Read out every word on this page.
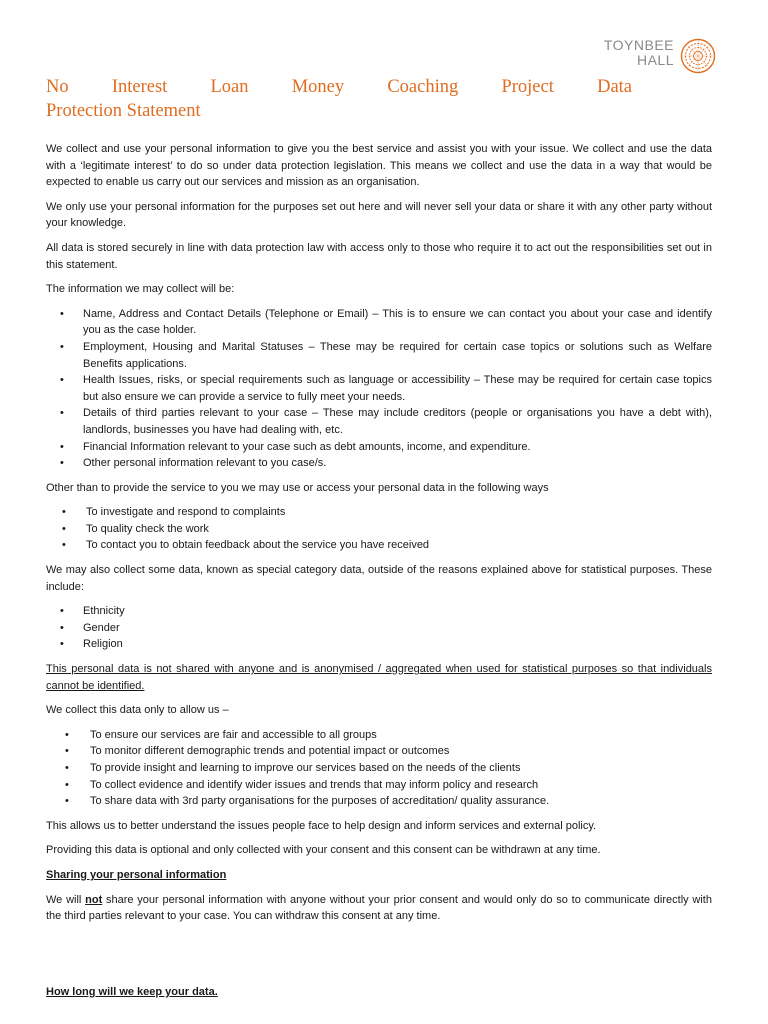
TOYNBEE
HALL
No Interest Loan Money Coaching Project Data
Protection Statement

We collect and use your personal information to give you the best service and assist you with your issue. We collect and use the data with a ‘legitimate interest’ to do so under data protection legislation. This means we collect and use the data in a way that would be expected to enable us carry out our services and mission as an organisation.

We only use your personal information for the purposes set out here and will never sell your data or share it with any other party without your knowledge.

All data is stored securely in line with data protection law with access only to those who require it to act out the responsibilities set out in this statement.

The information we may collect will be:

• Name, Address and Contact Details (Telephone or Email) – This is to ensure we can contact you about your case and identify you as the case holder.
• Employment, Housing and Marital Statuses – These may be required for certain case topics or solutions such as Welfare Benefits applications.
• Health Issues, risks, or special requirements such as language or accessibility – These may be required for certain case topics but also ensure we can provide a service to fully meet your needs.
• Details of third parties relevant to your case – These may include creditors (people or organisations you have a debt with), landlords, businesses you have had dealing with, etc.
• Financial Information relevant to your case such as debt amounts, income, and expenditure.
• Other personal information relevant to you case/s.

Other than to provide the service to you we may use or access your personal data in the following ways

• To investigate and respond to complaints
• To quality check the work
• To contact you to obtain feedback about the service you have received

We may also collect some data, known as special category data, outside of the reasons explained above for statistical purposes. These include:

• Ethnicity
• Gender
• Religion

This personal data is not shared with anyone and is anonymised / aggregated when used for statistical purposes so that individuals cannot be identified.

We collect this data only to allow us –

• To ensure our services are fair and accessible to all groups
• To monitor different demographic trends and potential impact or outcomes
• To provide insight and learning to improve our services based on the needs of the clients
• To collect evidence and identify wider issues and trends that may inform policy and research
• To share data with 3rd party organisations for the purposes of accreditation/ quality assurance.

This allows us to better understand the issues people face to help design and inform services and external policy.

Providing this data is optional and only collected with your consent and this consent can be withdrawn at any time.

Sharing your personal information

We will not share your personal information with anyone without your prior consent and would only do so to communicate directly with the third parties relevant to your case. You can withdraw this consent at any time.

How long will we keep your data.
